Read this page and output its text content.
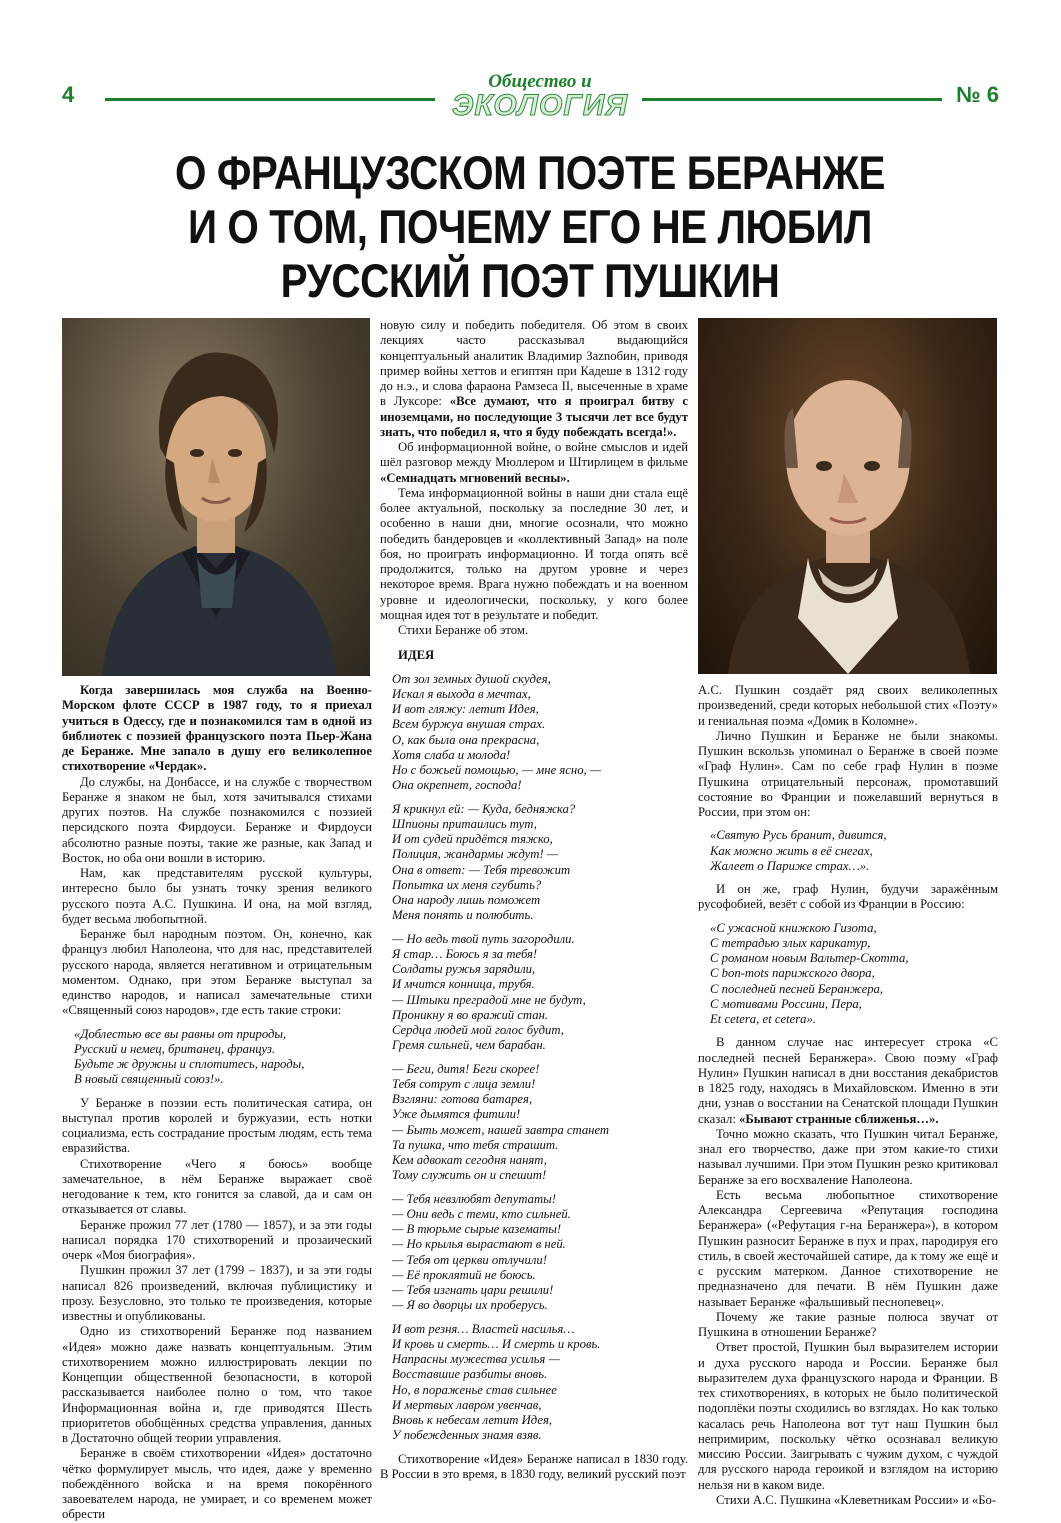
4
Общество и
ЭКОЛОГИЯ	№ 6
О ФРАНЦУЗСКОМ ПОЭТЕ БЕРАНЖЕ
И О ТОМ, ПОЧЕМУ ЕГО НЕ ЛЮБИЛ
РУССКИЙ ПОЭТ ПУШКИН

Когда завершилась моя служба на Военно-Морском флоте СССР в 1987 году, то я приехал учиться в Одессу, где и познакомился там в одной из библиотек с поэзией французского поэта Пьер-Жана де Беранже. Мне запало в душу его великолепное стихотворение «Чердак».

До службы, на Донбассе, и на службе с творчеством Беранже я знаком не был, хотя зачитывался стихами других поэтов. На службе познакомился с поэзией персидского поэта Фирдоуси. Беранже и Фирдоуси абсолютно разные поэты, такие же разные, как Запад и Восток, но оба они вошли в историю.

Нам, как представителям русской культуры, интересно было бы узнать точку зрения великого русского поэта А.С. Пушкина. И она, на мой взгляд, будет весьма любопытной.

Беранже был народным поэтом. Он, конечно, как француз любил Наполеона, что для нас, представителей русского народа, является негативном и отрицательным моментом. Однако, при этом Беранже выступал за единство народов, и написал замечательные стихи «Священный союз народов», где есть такие строки:

«Доблестью все вы равны от природы,
Русский и немец, британец, француз.
Будьте ж дружны и сплотитесь, народы,
В новый священный союз!».

У Беранже в поэзии есть политическая сатира, он выступал против королей и буржуазии, есть нотки социализма, есть сострадание простым людям, есть тема евразийства.

Стихотворение «Чего я боюсь» вообще замечательное, в нём Беранже выражает своё негодование к тем, кто гонится за славой, да и сам он отказывается от славы.

Беранже прожил 77 лет (1780 — 1857), и за эти годы написал порядка 170 стихотворений и прозаический очерк «Моя биография».

Пушкин прожил 37 лет (1799 – 1837), и за эти годы написал 826 произведений, включая публицистику и прозу. Безусловно, это только те произведения, которые известны и опубликованы.

Одно из стихотворений Беранже под названием «Идея» можно даже назвать концептуальным. Этим стихотворением можно иллюстрировать лекции по Концепции общественной безопасности, в которой рассказывается наиболее полно о том, что такое Информационная война и, где приводятся Шесть приоритетов обобщённых средства управления, данных в Достаточно общей теории управления.

Беранже в своём стихотворении «Идея» достаточно чётко формулирует мысль, что идея, даже у временно побеждённого войска и на время покорённого завоевателем народа, не умирает, и со временем может обрести

новую силу и победить победителя. Об этом в своих лекциях часто рассказывал выдающийся концептуальный аналитик Владимир Заznобин, приводя пример войны хеттов и египтян при Кадеше в 1312 году до н.э., и слова фараона Рамзеса II, высеченные в храме в Луксоре: «Все думают, что я проиграл битву с иноземцами, но последующие 3 тысячи лет все будут знать, что победил я, что я буду побеждать всегда!».

Об информационной войне, о войне смыслов и идей шёл разговор между Мюллером и Штирлицем в фильме «Семнадцать мгновений весны».

Тема информационной войны в наши дни стала ещё более актуальной, поскольку за последние 30 лет, и особенно в наши дни, многие осознали, что можно победить бандеровцев и «коллективный Запад» на поле боя, но проиграть информационно. И тогда опять всё продолжится, только на другом уровне и через некоторое время. Врага нужно побеждать и на военном уровне и идеологически, поскольку, у кого более мощная идея тот в результате и победит.

Стихи Беранже об этом.

ИДЕЯ

От зол земных душой скудея,
Искал я выхода в мечтах,
И вот гляжу: летит Идея,
Всем буржуа внушая страх.
О, как была она прекрасна,
Хотя слаба и молода!
Но с божьей помощью, — мне ясно, —
Она окрепнет, господа!
Я крикнул ей: — Куда, бедняжка?
Шпионы притаились тут,
И от судей придётся тяжко,
Полиция, жандармы ждут! —
Она в ответ: — Тебя тревожит
Попытка их меня сгубить?
Она народу лишь поможет
Меня понять и полюбить.
— Но ведь твой путь загородили.
Я стар… Боюсь я за тебя!
Солдаты ружья зарядили,
И мчится конница, трубя.
— Штыки преградой мне не будут,
Проникну я во вражий стан.
Сердца людей мой голос будит,
Гремя сильней, чем барабан.
— Беги, дитя! Беги скорее!
Тебя сотрут с лица земли!
Взгляни: готова батарея,
Уже дымятся фитили!
— Быть может, нашей завтра станет
Та пушка, что тебя страшит.
Кем адвокат сегодня нанят,
Тому служить он и спешит!
— Тебя невзлюбят депутаты!
— Они ведь с теми, кто сильней.
— В тюрьме сырые казематы!
— Но крылья вырастают в ней.
— Тебя от церкви отлучили!
— Её проклятий не боюсь.
— Тебя изгнать цари решили!
— Я во дворцы их проберусь.
И вот резня… Властей насилья…
И кровь и смерть… И смерть и кровь.
Напрасны мужества усилья —
Восставшие разбиты вновь.
Но, в пораженье став сильнее
И мертвых лавром увенчав,
Вновь к небесам летит Идея,
У побежденных знамя взяв.

Стихотворение «Идея» Беранже написал в 1830 году. В России в это время, в 1830 году, великий русский поэт

А.С. Пушкин создаёт ряд своих великолепных произведений, среди которых небольшой стих «Поэту» и гениальная поэма «Домик в Коломне».

Лично Пушкин и Беранже не были знакомы. Пушкин вскользь упоминал о Беранже в своей поэме «Граф Нулин». Сам по себе граф Нулин в поэме Пушкина отрицательный персонаж, промотавший состояние во Франции и пожелавший вернуться в России, при этом он:

«Святую Русь бранит, дивится,
Как можно жить в её снегах,
Жалеет о Париже страх…».

И он же, граф Нулин, будучи заражённым русофобией, везёт с собой из Франции в Россию:

«С ужасной книжкою Гизота,
С тетрадью злых карикатур,
С романом новым Вальтер-Скотта,
С bon-mots парижского двора,
С последней песней Беранжера,
С мотивами Россини, Пера,
Et cetera, et cetera».

В данном случае нас интересует строка «С последней песней Беранжера». Свою поэму «Граф Нулин» Пушкин написал в дни восстания декабристов в 1825 году, находясь в Михайловском. Именно в эти дни, узнав о восстании на Сенатской площади Пушкин сказал: «Бывают странные сближенья…».

Точно можно сказать, что Пушкин читал Беранже, знал его творчество, даже при этом какие-то стихи называл лучшими. При этом Пушкин резко критиковал Беранже за его восхваление Наполеона.

Есть весьма любопытное стихотворение Александра Сергеевича «Репутация господина Беранжера» («Рефутация г-на Беранжера»), в котором Пушкин разносит Беранже в пух и прах, пародируя его стиль, в своей жесточайшей сатире, да к тому же ещё и с русским матерком. Данное стихотворение не предназначено для печати. В нём Пушкин даже называет Беранже «фальшивый песнопевец».

Почему же такие разные полюса звучат от Пушкина в отношении Беранже?

Ответ простой, Пушкин был выразителем истории и духа русского народа и России. Беранже был выразителем духа французского народа и Франции. В тех стихотворениях, в которых не было политической подоплёки поэты сходились во взглядах. Но как только касалась речь Наполеона вот тут наш Пушкин был непримирим, поскольку чётко осознавал великую миссию России. Заигрывать с чужим духом, с чуждой для русского народа героикой и взглядом на историю нельзя ни в каком виде.

Стихи А.С. Пушкина «Клеветникам России» и «Бо-
